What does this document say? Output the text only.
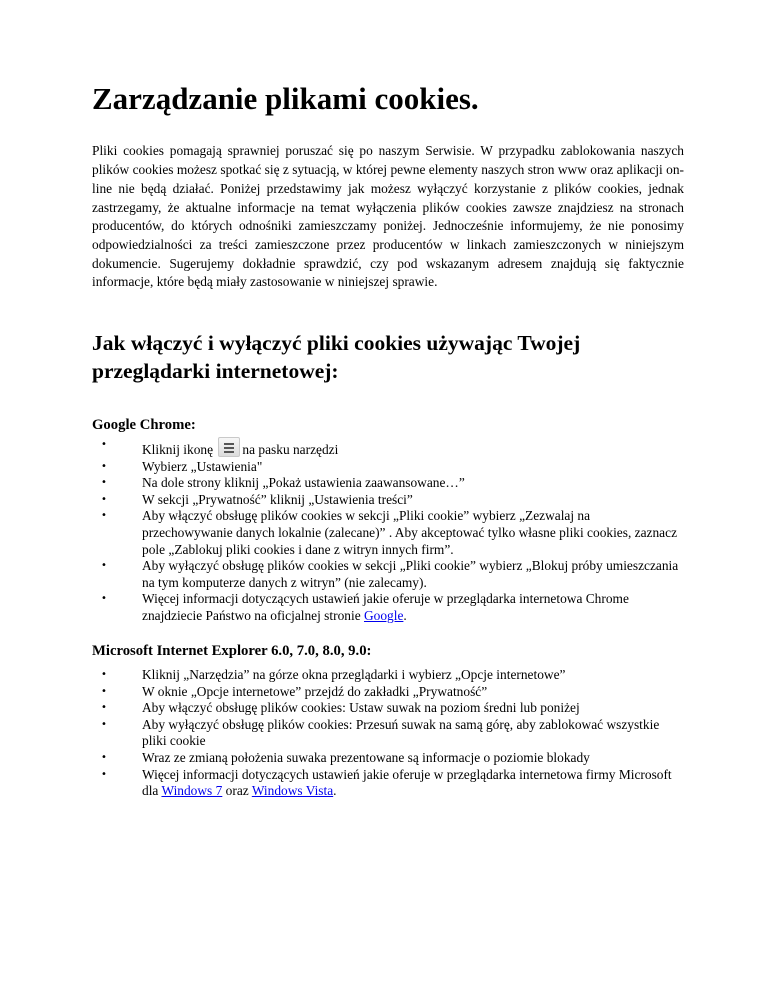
Zarządzanie plikami cookies.

Pliki cookies pomagają sprawniej poruszać się po naszym Serwisie. W przypadku zablokowania naszych plików cookies możesz spotkać się z sytuacją, w której pewne elementy naszych stron www oraz aplikacji on-line nie będą działać. Poniżej przedstawimy jak możesz wyłączyć korzystanie z plików cookies, jednak zastrzegamy, że aktualne informacje na temat wyłączenia plików cookies zawsze znajdziesz na stronach producentów, do których odnośniki zamieszczamy poniżej. Jednocześnie informujemy, że nie ponosimy odpowiedzialności za treści zamieszczone przez producentów w linkach zamieszczonych w niniejszym dokumencie. Sugerujemy dokładnie sprawdzić, czy pod wskazanym adresem znajdują się faktycznie informacje, które będą miały zastosowanie w niniejszej sprawie.

Jak włączyć i wyłączyć pliki cookies używając Twojej przeglądarki internetowej:
Google Chrome:
• Kliknij ikonę na pasku narzędzi
• Wybierz „Ustawienia"
• Na dole strony kliknij „Pokaż ustawienia zaawansowane…”
• W sekcji „Prywatność” kliknij „Ustawienia treści”
• Aby włączyć obsługę plików cookies w sekcji „Pliki cookie” wybierz „Zezwalaj na przechowywanie danych lokalnie (zalecane)” . Aby akceptować tylko własne pliki cookies, zaznacz pole „Zablokuj pliki cookies i dane z witryn innych firm”.
• Aby wyłączyć obsługę plików cookies w sekcji „Pliki cookie” wybierz „Blokuj próby umieszczania na tym komputerze danych z witryn” (nie zalecamy).
• Więcej informacji dotyczących ustawień jakie oferuje w przeglądarka internetowa Chrome znajdziecie Państwo na oficjalnej stronie Google.
Microsoft Internet Explorer 6.0, 7.0, 8.0, 9.0:
• Kliknij „Narzędzia” na górze okna przeglądarki i wybierz „Opcje internetowe”
• W oknie „Opcje internetowe” przejdź do zakładki „Prywatność”
• Aby włączyć obsługę plików cookies: Ustaw suwak na poziom średni lub poniżej
• Aby wyłączyć obsługę plików cookies: Przesuń suwak na samą górę, aby zablokować wszystkie pliki cookie
• Wraz ze zmianą położenia suwaka prezentowane są informacje o poziomie blokady
• Więcej informacji dotyczących ustawień jakie oferuje w przeglądarka internetowa firmy Microsoft dla Windows 7 oraz Windows Vista.
